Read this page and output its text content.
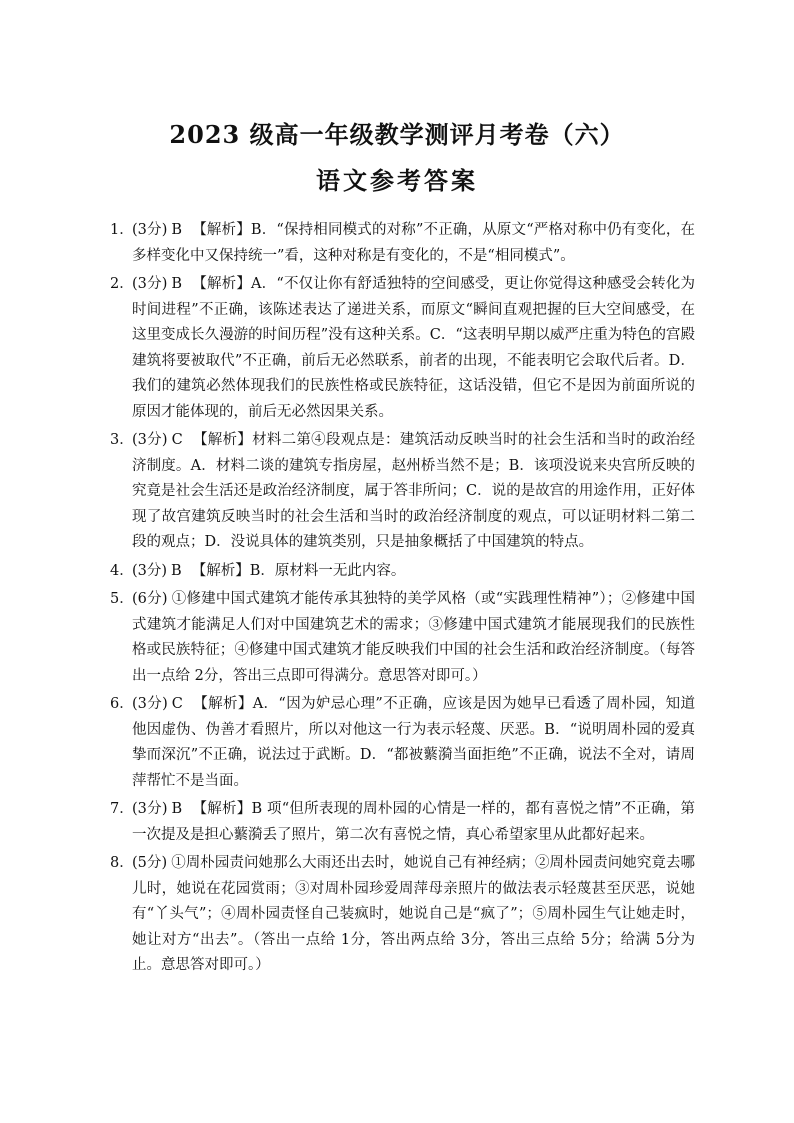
2023 级高一年级教学测评月考卷（六）
语文参考答案
1．
(3分) B 【解析】B．“保持相同模式的对称”不正确，从原文“严格对称中仍有变化，在多样变化中又保持统一”看，这种对称是有变化的，不是“相同模式”。
2．
(3分) B 【解析】A．“不仅让你有舒适独特的空间感受，更让你觉得这种感受会转化为时间进程”不正确，该陈述表达了递进关系，而原文“瞬间直观把握的巨大空间感受，在这里变成长久漫游的时间历程”没有这种关系。C．“这表明早期以威严庄重为特色的宫殿建筑将要被取代”不正确，前后无必然联系，前者的出现，不能表明它会取代后者。D．我们的建筑必然体现我们的民族性格或民族特征，这话没错，但它不是因为前面所说的原因才能体现的，前后无必然因果关系。
3．
(3分) C 【解析】材料二第④段观点是：建筑活动反映当时的社会生活和当时的政治经济制度。A．材料二谈的建筑专指房屋，赵州桥当然不是；B．该项没说来央宫所反映的究竟是社会生活还是政治经济制度，属于答非所问；C．说的是故宫的用途作用，正好体现了故宫建筑反映当时的社会生活和当时的政治经济制度的观点，可以证明材料二第二段的观点；D．没说具体的建筑类别，只是抽象概括了中国建筑的特点。
4．
(3分) B 【解析】B．原材料一无此内容。
5．
(6分) ①修建中国式建筑才能传承其独特的美学风格（或“实践理性精神”）；②修建中国式建筑才能满足人们对中国建筑艺术的需求；③修建中国式建筑才能展现我们的民族性格或民族特征；④修建中国式建筑才能反映我们中国的社会生活和政治经济制度。（每答出一点给 2分，答出三点即可得满分。意思答对即可。）
6．
(3分) C 【解析】A．“因为妒忌心理”不正确，应该是因为她早已看透了周朴园，知道他因虚伪、伪善才看照片，所以对他这一行为表示轻蔑、厌恶。B．“说明周朴园的爱真挚而深沉”不正确，说法过于武断。D．“都被蘩漪当面拒绝”不正确，说法不全对，请周萍帮忙不是当面。
7．
(3分) B 【解析】B 项“但所表现的周朴园的心情是一样的，都有喜悦之情”不正确，第一次提及是担心蘩漪丢了照片，第二次有喜悦之情，真心希望家里从此都好起来。
8．
(5分) ①周朴园责问她那么大雨还出去时，她说自己有神经病；②周朴园责问她究竟去哪儿时，她说在花园赏雨；③对周朴园珍爱周萍母亲照片的做法表示轻蔑甚至厌恶，说她有“丫头气”；④周朴园责怪自己装疯时，她说自己是“疯了”；⑤周朴园生气让她走时，她让对方“出去”。（答出一点给 1分，答出两点给 3分，答出三点给 5分；给满 5分为止。意思答对即可。）
